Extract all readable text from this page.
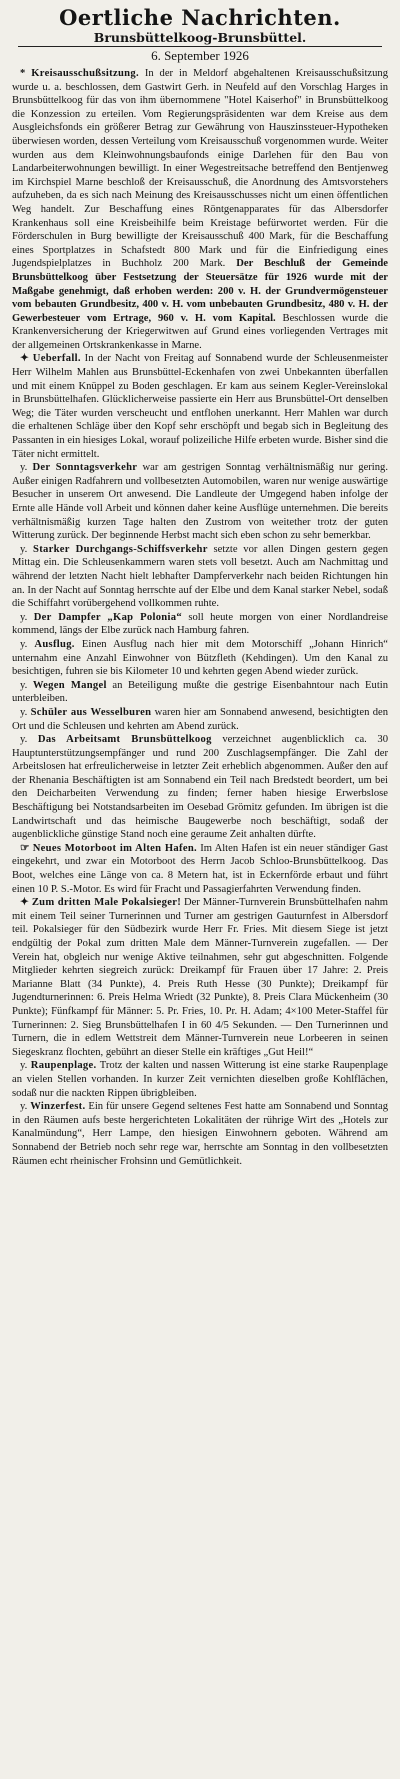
Oertliche Nachrichten.
Brunsbüttelkoog-Brunsbüttel.
6. September 1926

* Kreisausschußsitzung. In der in Meldorf abgehaltenen Kreisausschußsitzung wurde u. a. beschlossen, dem Gastwirt Gerh. in Neufeld auf den Vorschlag Harges in Brunsbüttelkoog für das von ihm übernommene "Hotel Kaiserhof" in Brunsbüttelkoog die Konzession zu erteilen. Vom Regierungspräsidenten war dem Kreise aus dem Ausgleichsfonds ein größerer Betrag zur Gewährung von Hauszinssteuer-Hypotheken überwiesen worden, dessen Verteilung vom Kreisausschuß vorgenommen wurde. Weiter wurden aus dem Kleinwohnungsbaufonds einige Darlehen für den Bau von Landarbeiterwohnungen bewilligt. In einer Wegestreitsache betreffend den Bentjenweg im Kirchspiel Marne beschloß der Kreisausschuß, die Anordnung des Amtsvorstehers aufzuheben, da es sich nach Meinung des Kreisausschusses nicht um einen öffentlichen Weg handelt. Zur Beschaffung eines Röntgenapparates für das Albersdorfer Krankenhaus soll eine Kreisbeihilfe beim Kreistage befürwortet werden. Für die Förderschulen in Burg bewilligte der Kreisausschuß 400 Mark, für die Beschaffung eines Sportplatzes in Schafstedt 800 Mark und für die Einfriedigung eines Jugendspielplatzes in Buchholz 200 Mark. Der Beschluß der Gemeinde Brunsbüttelkoog über Festsetzung der Steuersätze für 1926 wurde mit der Maßgabe genehmigt, daß erhoben werden: 200 v. H. der Grundvermögensteuer vom bebauten Grundbesitz, 400 v. H. vom unbebauten Grundbesitz, 480 v. H. der Gewerbesteuer vom Ertrage, 960 v. H. vom Kapital. Beschlossen wurde die Krankenversicherung der Kriegerwitwen auf Grund eines vorliegenden Vertrages mit der allgemeinen Ortskrankenkasse in Marne.

✦ Ueberfall. In der Nacht von Freitag auf Sonnabend wurde der Schleusenmeister Herr Wilhelm Mahlen aus Brunsbüttel-Eckenhafen von zwei Unbekannten überfallen und mit einem Knüppel zu Boden geschlagen. Er kam aus seinem Kegler-Vereinslokal in Brunsbüttelhafen. Glücklicherweise passierte ein Herr aus Brunsbüttel-Ort denselben Weg; die Täter wurden verscheucht und entflohen unerkannt. Herr Mahlen war durch die erhaltenen Schläge über den Kopf sehr erschöpft und begab sich in Begleitung des Passanten in ein hiesiges Lokal, worauf polizeiliche Hilfe erbeten wurde. Bisher sind die Täter nicht ermittelt.

y. Der Sonntagsverkehr war am gestrigen Sonntag verhältnismäßig nur gering. Außer einigen Radfahrern und vollbesetzten Automobilen, waren nur wenige auswärtige Besucher in unserem Ort anwesend. Die Landleute der Umgegend haben infolge der Ernte alle Hände voll Arbeit und können daher keine Ausflüge unternehmen. Die bereits verhältnismäßig kurzen Tage halten den Zustrom von weitether trotz der guten Witterung zurück. Der beginnende Herbst macht sich eben schon zu sehr bemerkbar.

y. Starker Durchgangs-Schiffsverkehr setzte vor allen Dingen gestern gegen Mittag ein. Die Schleusenkammern waren stets voll besetzt. Auch am Nachmittag und während der letzten Nacht hielt lebhafter Dampferverkehr nach beiden Richtungen hin an. In der Nacht auf Sonntag herrschte auf der Elbe und dem Kanal starker Nebel, sodaß die Schiffahrt vorübergehend vollkommen ruhte.

y. Der Dampfer „Kap Polonia“ soll heute morgen von einer Nordlandreise kommend, längs der Elbe zurück nach Hamburg fahren.

y. Ausflug. Einen Ausflug nach hier mit dem Motorschiff „Johann Hinrich“ unternahm eine Anzahl Einwohner von Bützfleth (Kehdingen). Um den Kanal zu besichtigen, fuhren sie bis Kilometer 10 und kehrten gegen Abend wieder zurück.

y. Wegen Mangel an Beteiligung mußte die gestrige Eisenbahntour nach Eutin unterbleiben.

y. Schüler aus Wesselburen waren hier am Sonnabend anwesend, besichtigten den Ort und die Schleusen und kehrten am Abend zurück.

y. Das Arbeitsamt Brunsbüttelkoog verzeichnet augenblicklich ca. 30 Hauptunterstützungsempfänger und rund 200 Zuschlagsempfänger. Die Zahl der Arbeitslosen hat erfreulicherweise in letzter Zeit erheblich abgenommen. Außer den auf der Rhenania Beschäftigten ist am Sonnabend ein Teil nach Bredstedt beordert, um bei den Deicharbeiten Verwendung zu finden; ferner haben hiesige Erwerbslose Beschäftigung bei Notstandsarbeiten im Oesebad Grömitz gefunden. Im übrigen ist die Landwirtschaft und das heimische Baugewerbe noch beschäftigt, sodaß der augenblickliche günstige Stand noch eine geraume Zeit anhalten dürfte.

☞ Neues Motorboot im Alten Hafen. Im Alten Hafen ist ein neuer ständiger Gast eingekehrt, und zwar ein Motorboot des Herrn Jacob Schloo-Brunsbüttelkoog. Das Boot, welches eine Länge von ca. 8 Metern hat, ist in Eckernförde erbaut und führt einen 10 P. S.-Motor. Es wird für Fracht und Passagierfahrten Verwendung finden.

✦ Zum dritten Male Pokalsieger! Der Männer-Turnverein Brunsbüttelhafen nahm mit einem Teil seiner Turnerinnen und Turner am gestrigen Gauturnfest in Albersdorf teil. Pokalsieger für den Südbezirk wurde Herr Fr. Fries. Mit diesem Siege ist jetzt endgültig der Pokal zum dritten Male dem Männer-Turnverein zugefallen. — Der Verein hat, obgleich nur wenige Aktive teilnahmen, sehr gut abgeschnitten. Folgende Mitglieder kehrten siegreich zurück: Dreikampf für Frauen über 17 Jahre: 2. Preis Marianne Blatt (34 Punkte), 4. Preis Ruth Hesse (30 Punkte); Dreikampf für Jugendturnerinnen: 6. Preis Helma Wriedt (32 Punkte), 8. Preis Clara Mückenheim (30 Punkte); Fünfkampf für Männer: 5. Pr. Fries, 10. Pr. H. Adam; 4×100 Meter-Staffel für Turnerinnen: 2. Sieg Brunsbüttelhafen I in 60 4/5 Sekunden. — Den Turnerinnen und Turnern, die in edlem Wettstreit dem Männer-Turnverein neue Lorbeeren in seinen Siegeskranz flochten, gebührt an dieser Stelle ein kräftiges „Gut Heil!“

y. Raupenplage. Trotz der kalten und nassen Witterung ist eine starke Raupenplage an vielen Stellen vorhanden. In kurzer Zeit vernichten dieselben große Kohlflächen, sodaß nur die nackten Rippen übrigbleiben.

y. Winzerfest. Ein für unsere Gegend seltenes Fest hatte am Sonnabend und Sonntag in den Räumen aufs beste hergerichteten Lokalitäten der rührige Wirt des „Hotels zur Kanalmündung“, Herr Lampe, den hiesigen Einwohnern geboten. Während am Sonnabend der Betrieb noch sehr rege war, herrschte am Sonntag in den vollbesetzten Räumen echt rheinischer Frohsinn und Gemütlichkeit.
